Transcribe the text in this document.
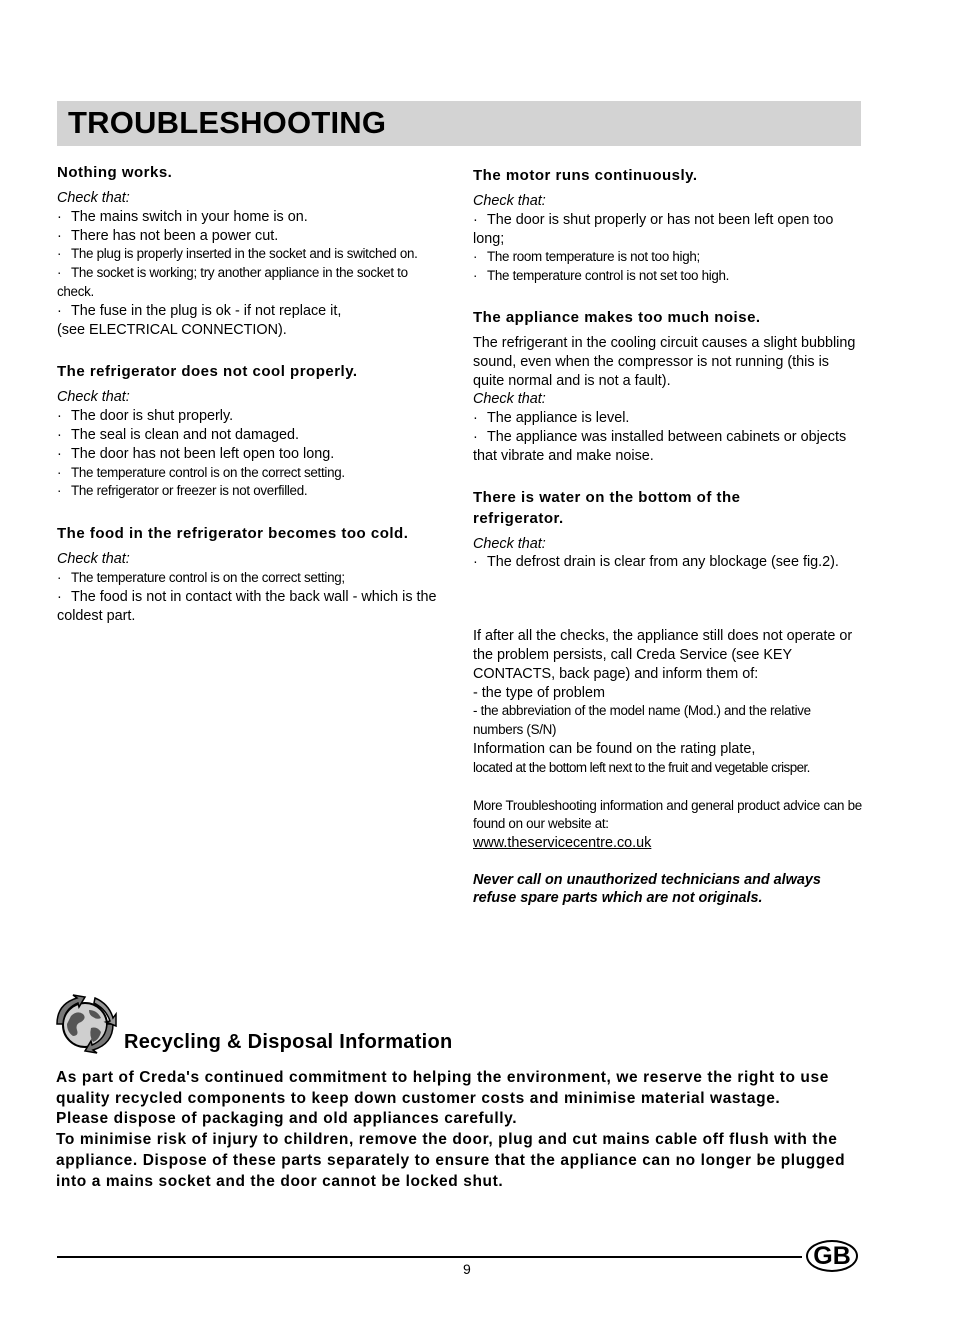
TROUBLESHOOTING
Nothing works.
Check that:
· The mains switch in your home is on.
· There has not been a power cut.
· The plug is properly inserted in the socket and is switched on.
· The socket is working; try another appliance in the socket to check.
· The fuse in the plug is ok - if not replace it,
(see ELECTRICAL CONNECTION).
The refrigerator does not cool properly.
Check that:
· The door is shut properly.
· The seal is clean and not damaged.
· The door has not been left open too long.
· The temperature control is on the correct setting.
· The refrigerator or freezer is not overfilled.
The food in the refrigerator becomes too cold.
Check that:
· The temperature control is on the correct setting;
· The food is not in contact with the back wall - which is the coldest part.
The motor runs continuously.
Check that:
· The door is shut properly or has not been left open too long;
· The room temperature is not too high;
· The temperature control is not set too high.
The appliance makes too much noise.
The refrigerant in the cooling circuit causes a slight bubbling sound, even when the compressor is not running (this is quite normal and is not a fault).
Check that:
· The appliance is level.
· The appliance was installed between cabinets or objects that vibrate and make noise.
There is water on the bottom of the refrigerator.
Check that:
· The defrost drain is clear from any blockage (see fig.2).
If after all the checks, the appliance still does not operate or the problem persists, call Creda Service (see KEY CONTACTS, back page) and inform them of:
- the type of problem
- the abbreviation of the model name (Mod.) and the relative numbers (S/N)
Information can be found on the rating plate,
located at the bottom left next to the fruit and vegetable crisper.
More Troubleshooting information and general product advice can be found on our website at:
www.theservicecentre.co.uk
Never call on unauthorized technicians and always refuse spare parts which are not originals.
Recycling & Disposal Information

As part of Creda's continued commitment to helping the environment, we reserve the right to use quality recycled components to keep down customer costs and minimise material wastage.

Please dispose of packaging and old appliances carefully.

To minimise risk of injury to children, remove the door, plug and cut mains cable off flush with the appliance. Dispose of these parts separately to ensure that the appliance can no longer be plugged into a mains socket and the door cannot be locked shut.

9	GB
